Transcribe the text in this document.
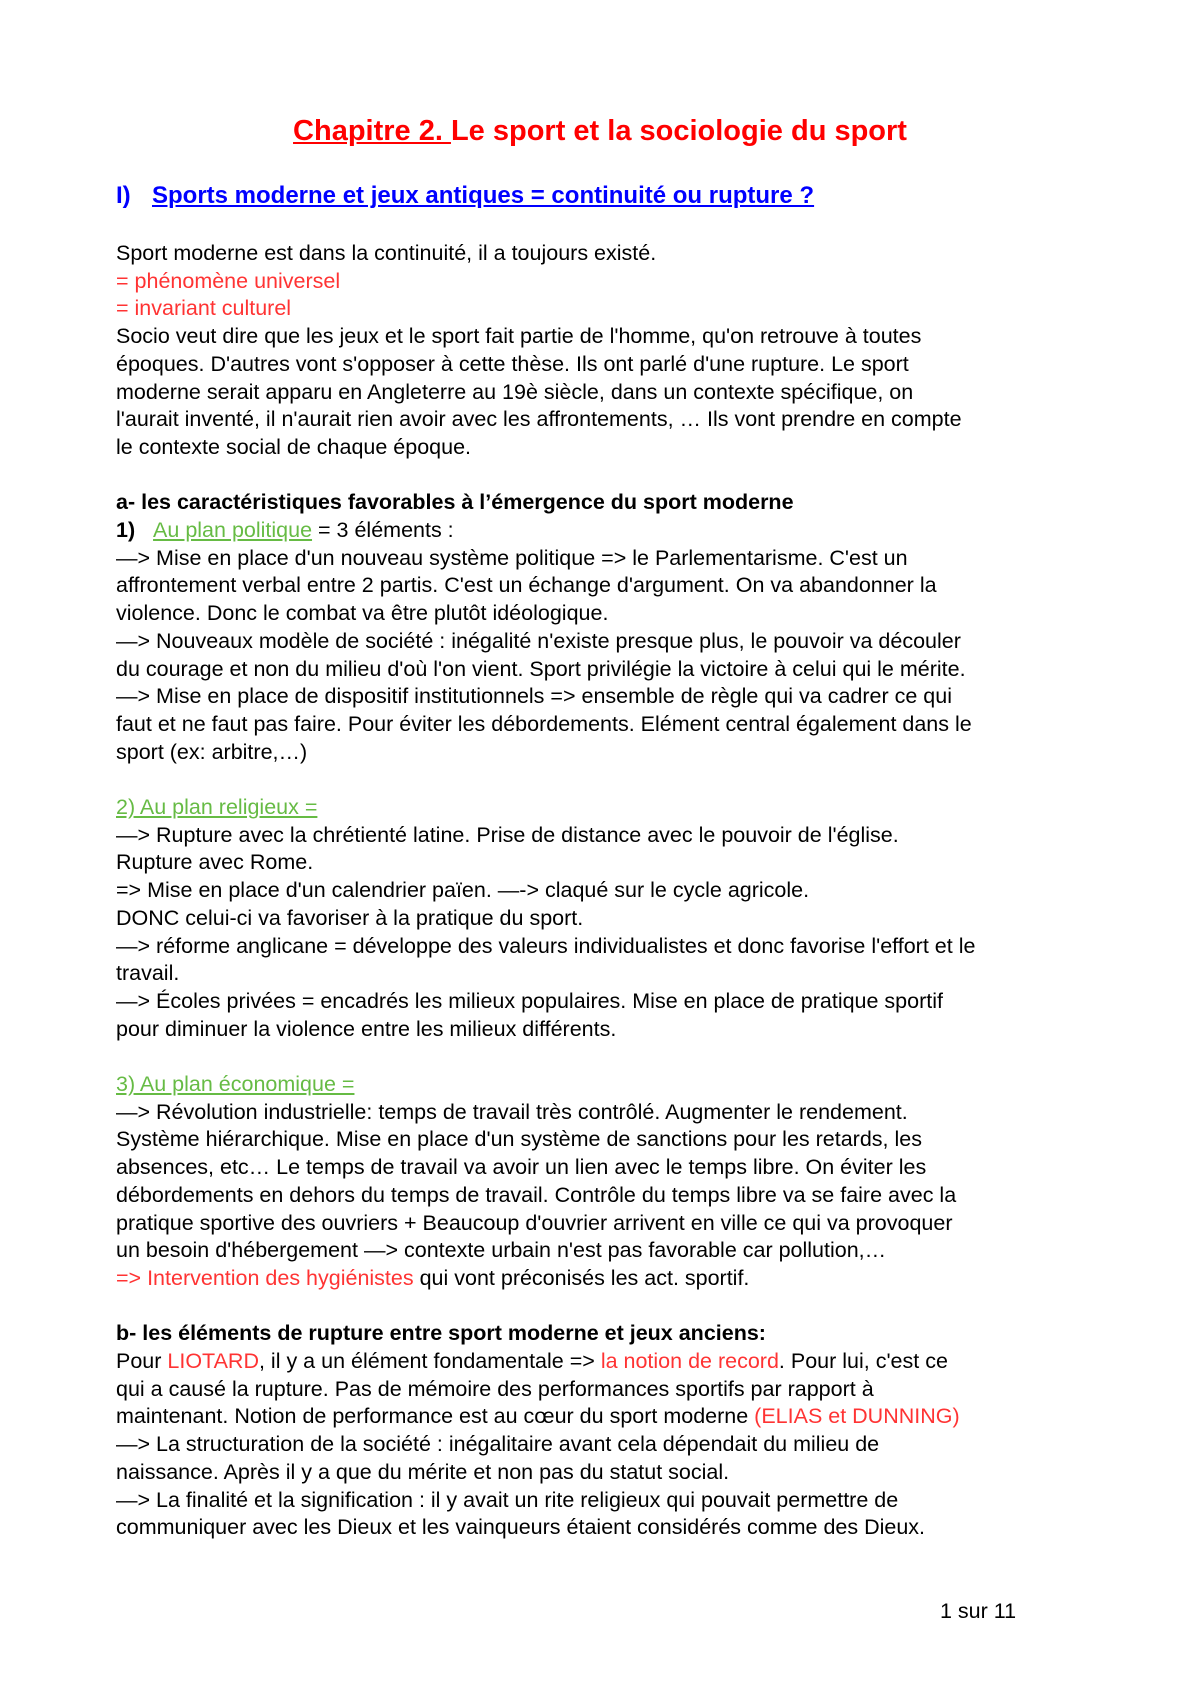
Chapitre 2. Le sport et la sociologie du sport
I) Sports moderne et jeux antiques = continuité ou rupture ?

Sport moderne est dans la continuité, il a toujours existé.

= phénomène universel

= invariant culturel

Socio veut dire que les jeux et le sport fait partie de l'homme, qu'on retrouve à toutes

époques. D'autres vont s'opposer à cette thèse. Ils ont parlé d'une rupture. Le sport

moderne serait apparu en Angleterre au 19è siècle, dans un contexte spécifique, on

l'aurait inventé, il n'aurait rien avoir avec les affrontements, … Ils vont prendre en compte

le contexte social de chaque époque.

a- les caractéristiques favorables à l’émergence du sport moderne

1) Au plan politique = 3 éléments :

—> Mise en place d'un nouveau système politique => le Parlementarisme. C'est un

affrontement verbal entre 2 partis. C'est un échange d'argument. On va abandonner la

violence. Donc le combat va être plutôt idéologique.

—> Nouveaux modèle de société : inégalité n'existe presque plus, le pouvoir va découler

du courage et non du milieu d'où l'on vient. Sport privilégie la victoire à celui qui le mérite.

—> Mise en place de dispositif institutionnels => ensemble de règle qui va cadrer ce qui

faut et ne faut pas faire. Pour éviter les débordements. Elément central également dans le

sport (ex: arbitre,…)

2) Au plan religieux =

—> Rupture avec la chrétienté latine. Prise de distance avec le pouvoir de l'église.

Rupture avec Rome.

=> Mise en place d'un calendrier païen. —-> claqué sur le cycle agricole.

DONC celui-ci va favoriser à la pratique du sport.

—> réforme anglicane = développe des valeurs individualistes et donc favorise l'effort et le

travail.

—> Écoles privées = encadrés les milieux populaires. Mise en place de pratique sportif

pour diminuer la violence entre les milieux différents.

3) Au plan économique =

—> Révolution industrielle: temps de travail très contrôlé. Augmenter le rendement.

Système hiérarchique. Mise en place d'un système de sanctions pour les retards, les

absences, etc… Le temps de travail va avoir un lien avec le temps libre. On éviter les

débordements en dehors du temps de travail. Contrôle du temps libre va se faire avec la

pratique sportive des ouvriers + Beaucoup d'ouvrier arrivent en ville ce qui va provoquer

un besoin d'hébergement —> contexte urbain n'est pas favorable car pollution,…

=> Intervention des hygiénistes qui vont préconisés les act. sportif.

b- les éléments de rupture entre sport moderne et jeux anciens:

Pour LIOTARD, il y a un élément fondamentale => la notion de record. Pour lui, c'est ce

qui a causé la rupture. Pas de mémoire des performances sportifs par rapport à

maintenant. Notion de performance est au cœur du sport moderne (ELIAS et DUNNING)

—> La structuration de la société : inégalitaire avant cela dépendait du milieu de

naissance. Après il y a que du mérite et non pas du statut social.

—> La finalité et la signification : il y avait un rite religieux qui pouvait permettre de

communiquer avec les Dieux et les vainqueurs étaient considérés comme des Dieux.

1 sur 11
